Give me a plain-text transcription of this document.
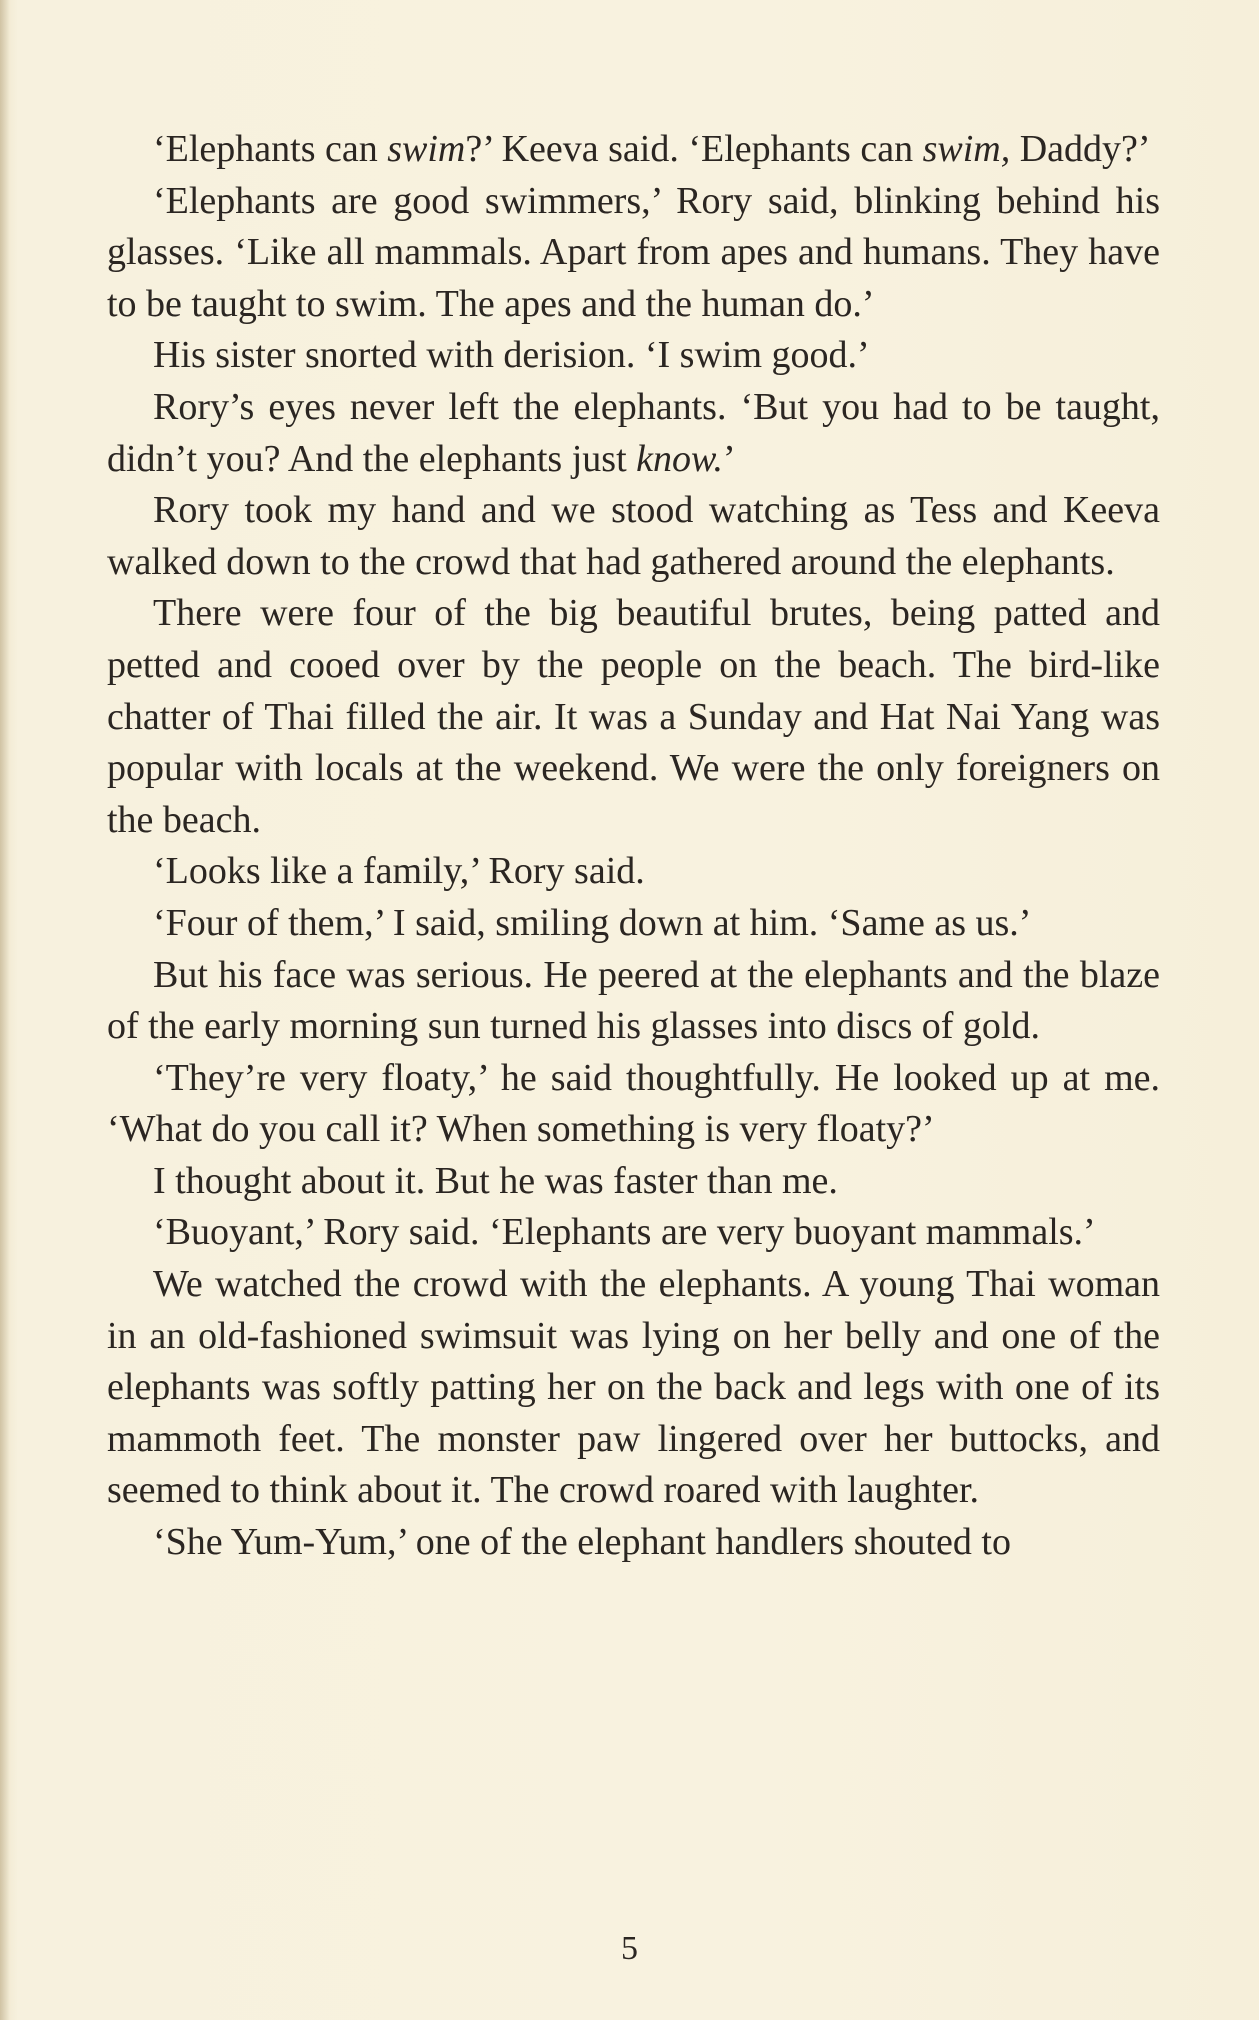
‘Elephants can swim?’ Keeva said. ‘Elephants can swim, Daddy?’

‘Elephants are good swimmers,’ Rory said, blinking behind his glasses. ‘Like all mammals. Apart from apes and humans. They have to be taught to swim. The apes and the human do.’

His sister snorted with derision. ‘I swim good.’

Rory’s eyes never left the elephants. ‘But you had to be taught, didn’t you? And the elephants just know.’

Rory took my hand and we stood watching as Tess and Keeva walked down to the crowd that had gathered around the elephants.

There were four of the big beautiful brutes, being patted and petted and cooed over by the people on the beach. The bird-like chatter of Thai filled the air. It was a Sunday and Hat Nai Yang was popular with locals at the weekend. We were the only foreigners on the beach.

‘Looks like a family,’ Rory said.

‘Four of them,’ I said, smiling down at him. ‘Same as us.’

But his face was serious. He peered at the elephants and the blaze of the early morning sun turned his glasses into discs of gold.

‘They’re very floaty,’ he said thoughtfully. He looked up at me. ‘What do you call it? When something is very floaty?’

I thought about it. But he was faster than me.

‘Buoyant,’ Rory said. ‘Elephants are very buoyant mammals.’

We watched the crowd with the elephants. A young Thai woman in an old-fashioned swimsuit was lying on her belly and one of the elephants was softly patting her on the back and legs with one of its mammoth feet. The monster paw lingered over her buttocks, and seemed to think about it. The crowd roared with laughter.

‘She Yum-Yum,’ one of the elephant handlers shouted to

5
